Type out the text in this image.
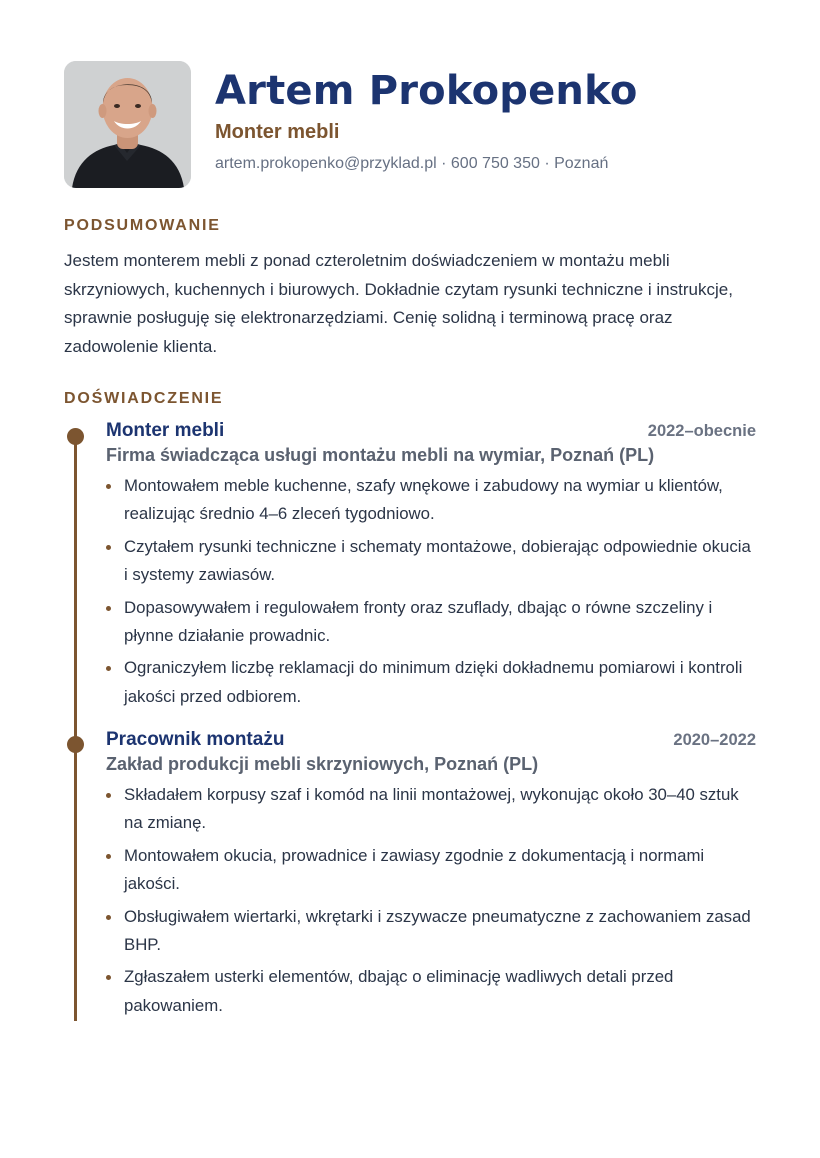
Artem Prokopenko
Monter mebli
artem.prokopenko@przyklad.pl · 600 750 350 · Poznań
PODSUMOWANIE

Jestem monterem mebli z ponad czteroletnim doświadczeniem w montażu mebli skrzyniowych, kuchennych i biurowych. Dokładnie czytam rysunki techniczne i instrukcje, sprawnie posługuję się elektronarzędziami. Cenię solidną i terminową pracę oraz zadowolenie klienta.

DOŚWIADCZENIE
Monter mebli	2022–obecnie
Firma świadcząca usługi montażu mebli na wymiar, Poznań (PL)
Montowałem meble kuchenne, szafy wnękowe i zabudowy na wymiar u klientów, realizując średnio 4–6 zleceń tygodniowo.
Czytałem rysunki techniczne i schematy montażowe, dobierając odpowiednie okucia i systemy zawiasów.
Dopasowywałem i regulowałem fronty oraz szuflady, dbając o równe szczeliny i płynne działanie prowadnic.
Ograniczyłem liczbę reklamacji do minimum dzięki dokładnemu pomiarowi i kontroli jakości przed odbiorem.
Pracownik montażu	2020–2022
Zakład produkcji mebli skrzyniowych, Poznań (PL)
Składałem korpusy szaf i komód na linii montażowej, wykonując około 30–40 sztuk na zmianę.
Montowałem okucia, prowadnice i zawiasy zgodnie z dokumentacją i normami jakości.
Obsługiwałem wiertarki, wkrętarki i zszywacze pneumatyczne z zachowaniem zasad BHP.
Zgłaszałem usterki elementów, dbając o eliminację wadliwych detali przed pakowaniem.
